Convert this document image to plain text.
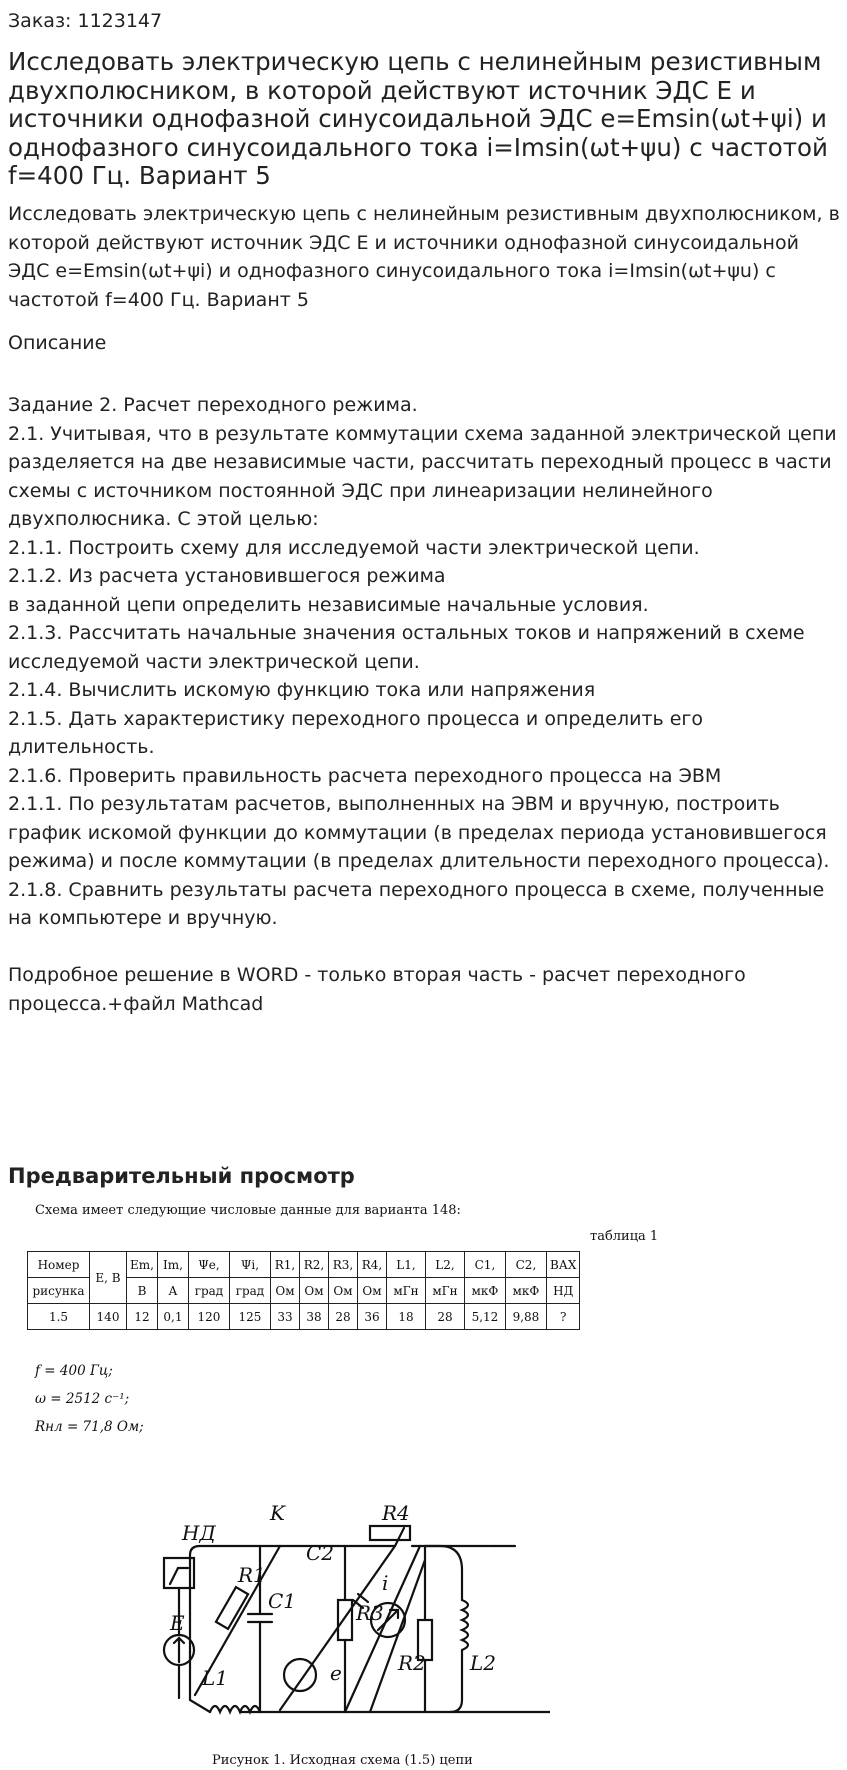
Заказ: 1123147
Исследовать электрическую цепь с нелинейным резистивным двухполюсником, в которой действуют источник ЭДС E и источники однофазной синусоидальной ЭДС e=Emsin(ωt+ψi) и однофазного синусоидального тока i=Imsin(ωt+ψu) с частотой f=400 Гц. Вариант 5
Исследовать электрическую цепь с нелинейным резистивным двухполюсником, в которой действуют источник ЭДС E и источники однофазной синусоидальной ЭДС e=Emsin(ωt+ψi) и однофазного синусоидального тока i=Imsin(ωt+ψu) с частотой f=400 Гц. Вариант 5
Описание
Задание 2. Расчет переходного режима.
2.1. Учитывая, что в результате коммутации схема заданной электрической цепи
разделяется на две независимые части, рассчитать переходный процесс в части
схемы с источником постоянной ЭДС при линеаризации нелинейного
двухполюсника. С этой целью:
2.1.1. Построить схему для исследуемой части электрической цепи.
2.1.2. Из расчета установившегося режима
в заданной цепи определить независимые начальные условия.
2.1.3. Рассчитать начальные значения остальных токов и напряжений в схеме
исследуемой части электрической цепи.
2.1.4. Вычислить искомую функцию тока или напряжения
2.1.5. Дать характеристику переходного процесса и определить его
длительность.
2.1.6. Проверить правильность расчета переходного процесса на ЭВМ
2.1.1. По результатам расчетов, выполненных на ЭВМ и вручную, построить
график искомой функции до коммутации (в пределах периода установившегося
режима) и после коммутации (в пределах длительности переходного процесса).
2.1.8. Сравнить результаты расчета переходного процесса в схеме, полученные
на компьютере и вручную.
Подробное решение в WORD - только вторая часть - расчет переходного
процесса.+файл Mathcad
Предварительный просмотр
Схема имеет следующие числовые данные для варианта 148:
таблица 1
Номер	E, В	Em,	Im,	Ψe,	Ψi,	R1,	R2,	R3,	R4,	L1,	L2,	C1,	C2,	ВАХ
рисунка		В	А	град	град	Ом	Ом	Ом	Ом	мГн	мГн	мкФ	мкФ	НД
1.5	140	12	0,1	120	125	33	38	28	36	18	28	5,12	9,88	?
f = 400 Гц;
ω = 2512 с⁻¹;
Rнл = 71,8 Ом;
НД
E
R1
L1
C1
C2
e
R3
i
R2 L2
R4
K
Рисунок 1. Исходная схема (1.5) цепи
